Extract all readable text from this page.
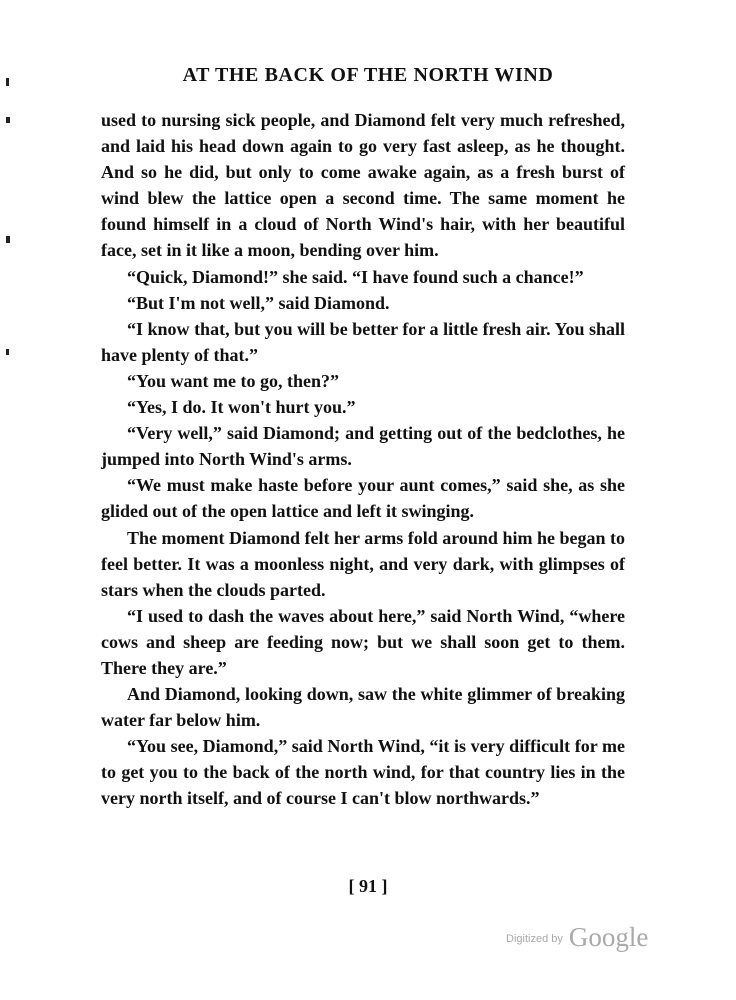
AT THE BACK OF THE NORTH WIND

used to nursing sick people, and Diamond felt very much refreshed, and laid his head down again to go very fast asleep, as he thought. And so he did, but only to come awake again, as a fresh burst of wind blew the lattice open a second time. The same moment he found himself in a cloud of North Wind's hair, with her beautiful face, set in it like a moon, bending over him.

“Quick, Diamond!” she said. “I have found such a chance!”

“But I'm not well,” said Diamond.

“I know that, but you will be better for a little fresh air. You shall have plenty of that.”

“You want me to go, then?”

“Yes, I do. It won't hurt you.”

“Very well,” said Diamond; and getting out of the bedclothes, he jumped into North Wind's arms.

“We must make haste before your aunt comes,” said she, as she glided out of the open lattice and left it swinging.

The moment Diamond felt her arms fold around him he began to feel better. It was a moonless night, and very dark, with glimpses of stars when the clouds parted.

“I used to dash the waves about here,” said North Wind, “where cows and sheep are feeding now; but we shall soon get to them. There they are.”

And Diamond, looking down, saw the white glimmer of breaking water far below him.

“You see, Diamond,” said North Wind, “it is very difficult for me to get you to the back of the north wind, for that country lies in the very north itself, and of course I can't blow northwards.”

[ 91 ]
$^{Digitized by}$ Google
